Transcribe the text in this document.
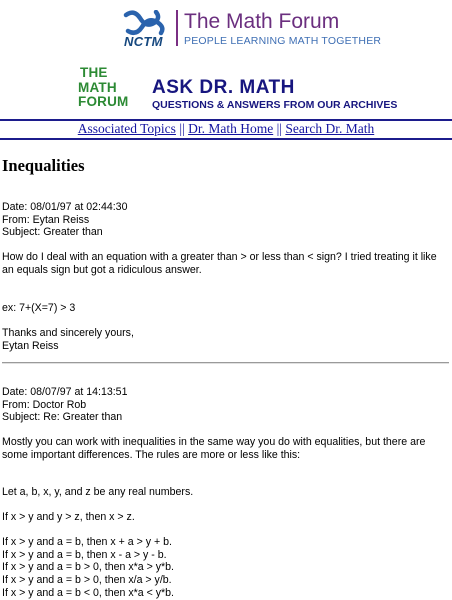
NCTM
The Math Forum
PEOPLE LEARNING MATH TOGETHER
THE
MATH
FORUM
ASK DR. MATH
QUESTIONS & ANSWERS FROM OUR ARCHIVES
Associated Topics || Dr. Math Home || Search Dr. Math
Inequalities

Date: 08/01/97 at 02:44:30

From: Eytan Reiss

Subject: Greater than

How do I deal with an equation with a greater than > or less than < sign? I tried treating it like an equals sign but got a ridiculous answer.

ex: 7+(X=7) > 3

Thanks and sincerely yours,

Eytan Reiss

Date: 08/07/97 at 14:13:51

From: Doctor Rob

Subject: Re: Greater than

Mostly you can work with inequalities in the same way you do with equalities, but there are some important differences. The rules are more or less like this:

Let a, b, x, y, and z be any real numbers.

If x > y and y > z, then x > z.

If x > y and a = b, then x + a > y + b.

If x > y and a = b, then x - a > y - b.

If x > y and a = b > 0, then x*a > y*b.

If x > y and a = b > 0, then x/a > y/b.

If x > y and a = b < 0, then x*a < y*b.
